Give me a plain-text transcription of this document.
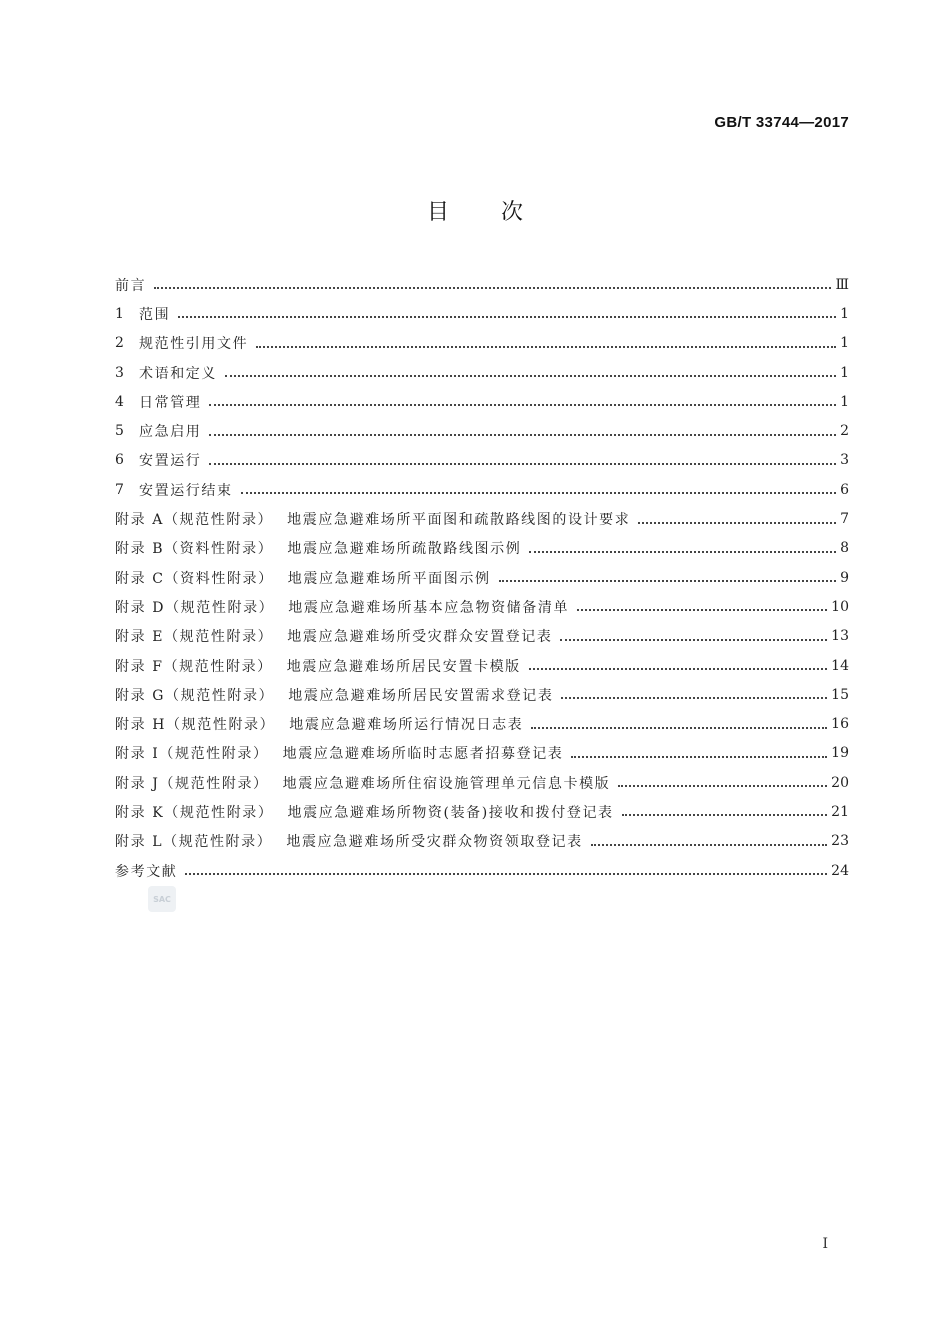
GB/T 33744—2017
目 次
前言	Ⅲ
1 范围	1
2 规范性引用文件	1
3 术语和定义	1
4 日常管理	1
5 应急启用	2
6 安置运行	3
7 安置运行结束	6
附录 A（规范性附录） 地震应急避难场所平面图和疏散路线图的设计要求	7
附录 B（资料性附录） 地震应急避难场所疏散路线图示例	8
附录 C（资料性附录） 地震应急避难场所平面图示例	9
附录 D（规范性附录） 地震应急避难场所基本应急物资储备清单	10
附录 E（规范性附录） 地震应急避难场所受灾群众安置登记表	13
附录 F（规范性附录） 地震应急避难场所居民安置卡模版	14
附录 G（规范性附录） 地震应急避难场所居民安置需求登记表	15
附录 H（规范性附录） 地震应急避难场所运行情况日志表	16
附录 I（规范性附录） 地震应急避难场所临时志愿者招募登记表	19
附录 J（规范性附录） 地震应急避难场所住宿设施管理单元信息卡模版	20
附录 K（规范性附录） 地震应急避难场所物资(装备)接收和拨付登记表	21
附录 L（规范性附录） 地震应急避难场所受灾群众物资领取登记表	23
参考文献	24
SAC
I
